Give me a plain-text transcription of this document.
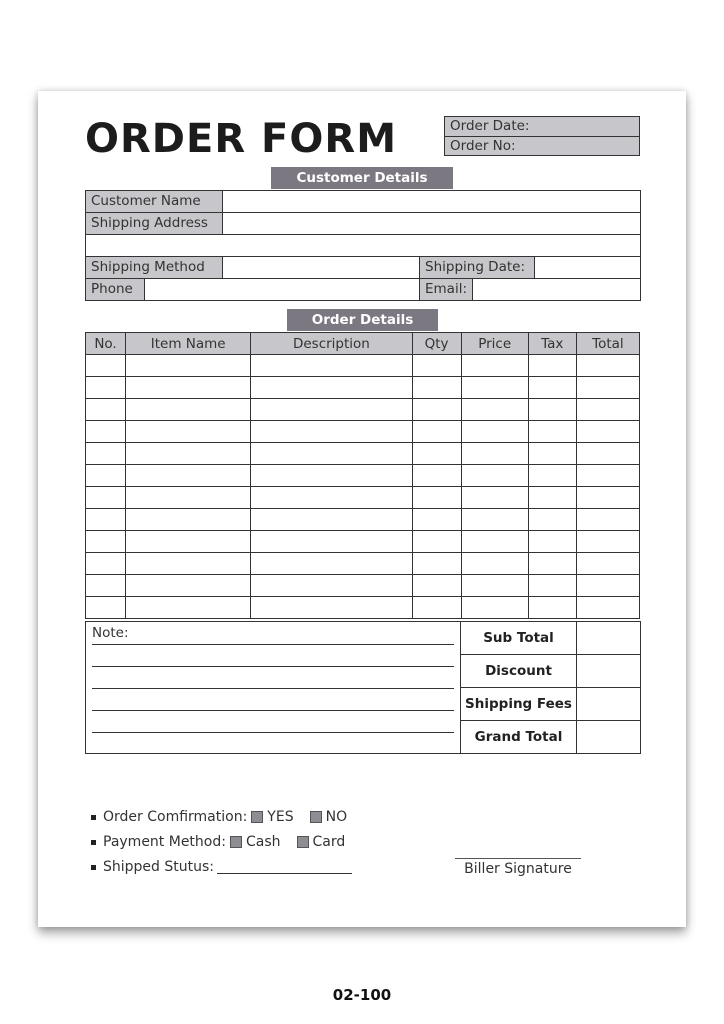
ORDER FORM	Order Date:
Order No:
Customer Details
Customer Name
Shipping Address
Shipping Method	Shipping Date:
Phone	Email:
Order Details
No.	Item Name	Description	Qty	Price	Tax	Total

Note:	Sub Total	
Discount	
Shipping Fees	
Grand Total	
Order Comfirmation: YES NO
Payment Method: Cash Card
Shipped Stutus:	Biller Signature
02-100
